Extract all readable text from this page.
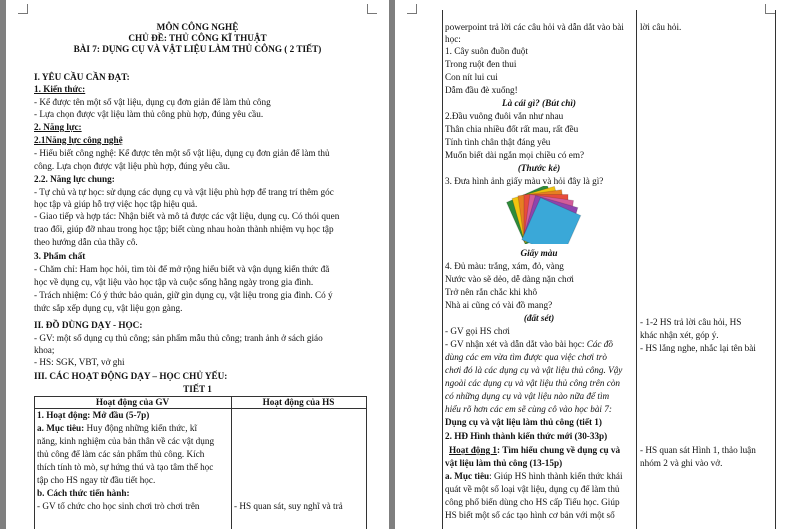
MÔN CÔNG NGHỆ
CHỦ ĐỀ: THỦ CÔNG KĨ THUẬT
BÀI 7: DỤNG CỤ VÀ VẬT LIỆU LÀM THỦ CÔNG ( 2 TIẾT)
I. YÊU CẦU CẦN ĐẠT:
1. Kiến thức:
- Kể được tên một số vật liệu, dụng cụ đơn giản để làm thủ công
- Lựa chọn được vật liệu làm thủ công phù hợp, đúng yêu cầu.
2. Năng lực:
2.1Năng lực công nghệ
- Hiểu biết công nghệ: Kể được tên một số vật liệu, dụng cụ đơn giản để làm thủ
công. Lựa chọn được vật liệu phù hợp, đúng yêu cầu.
2.2. Năng lực chung:
- Tự chủ và tự học: sử dụng các dụng cụ và vật liệu phù hợp để trang trí thêm góc
học tập và giúp hỗ trợ việc học tập hiệu quả.
- Giao tiếp và hợp tác: Nhận biết và mô tả được các vật liệu, dụng cụ. Có thói quen
trao đổi, giúp đỡ nhau trong học tập; biết cùng nhau hoàn thành nhiệm vụ học tập
theo hướng dẫn của thầy cô.
3. Phẩm chất
- Chăm chỉ: Ham học hỏi, tìm tòi để mở rộng hiểu biết và vận dụng kiến thức đã
học về dụng cụ, vật liệu vào học tập và cuộc sống hằng ngày trong gia đình.
- Trách nhiệm: Có ý thức bảo quản, giữ gìn dụng cụ, vật liệu trong gia đình. Có ý
thức sắp xếp dụng cụ, vật liệu gọn gàng.
II. ĐỒ DÙNG DẠY - HỌC:
- GV: một số dụng cụ thủ công; sản phẩm mẫu thủ công; tranh ảnh ở sách giáo
khoa;
- HS: SGK, VBT, vở ghi
III. CÁC HOẠT ĐỘNG DẠY – HỌC CHỦ YẾU:
TIẾT 1
Hoạt động của GV	Hoạt động của HS
1. Hoạt động: Mở đầu (5-7p)
a. Mục tiêu: Huy động những kiến thức, kĩ
năng, kinh nghiệm của bản thân về các vật dụng
thủ công để làm các sản phẩm thủ công. Kích
thích tính tò mò, sự hứng thú và tạo tâm thế học
tập cho HS ngay từ đầu tiết học.
b. Cách thức tiến hành:
- GV tổ chức cho học sinh chơi trò chơi trên	- HS quan sát, suy nghĩ và trả
powerpoint trả lời các câu hỏi và dẫn dắt vào bài
học:
1. Cây suôn đuồn đuột
Trong ruột đen thui
Con nít lui cui
Dẫm đầu đè xuống!
Là cái gì? (Bút chì)
2.Đầu vuông đuôi vắn như nhau
Thân chia nhiều đốt rất mau, rất đều
Tính tình chân thật đáng yêu
Muốn biết dài ngắn mọi chiều có em?
(Thước kẻ)
3. Đưa hình ảnh giấy màu và hỏi đây là gì?
Giấy màu
4. Đủ màu: trắng, xám, đỏ, vàng
Nước vào sẽ dẻo, dễ dàng nặn chơi
Trở nên rắn chắc khi khô
Nhà ai cũng có vài đồ mang?
(đất sét)
- GV gọi HS chơi
- GV nhận xét và dẫn dắt vào bài học: Các đồ
dùng các em vừa tìm được qua việc chơi trò
chơi đó là các dụng cụ và vật liệu thủ công. Vậy
ngoài các dụng cụ và vật liệu thủ công trên còn
có những dụng cụ và vật liệu nào nữa để tìm
hiểu rõ hơn các em sẽ cùng cô vào học bài 7:
Dụng cụ và vật liệu làm thủ công (tiết 1)
2. HĐ Hình thành kiến thức mới (30-33p)
Hoạt động 1: Tìm hiểu chung về dụng cụ và
vật liệu làm thủ công (13-15p)
a. Mục tiêu: Giúp HS hình thành kiến thức khái
quát về một số loại vật liệu, dụng cụ để làm thủ
công phổ biến dùng cho HS cấp Tiểu học. Giúp
HS biết một số các tạo hình cơ bản với một số
lời câu hỏi.
- 1-2 HS trả lời câu hỏi, HS
khác nhận xét, góp ý.
- HS lắng nghe, nhắc lại tên bài
- HS quan sát Hình 1, thảo luận
nhóm 2 và ghi vào vở.
